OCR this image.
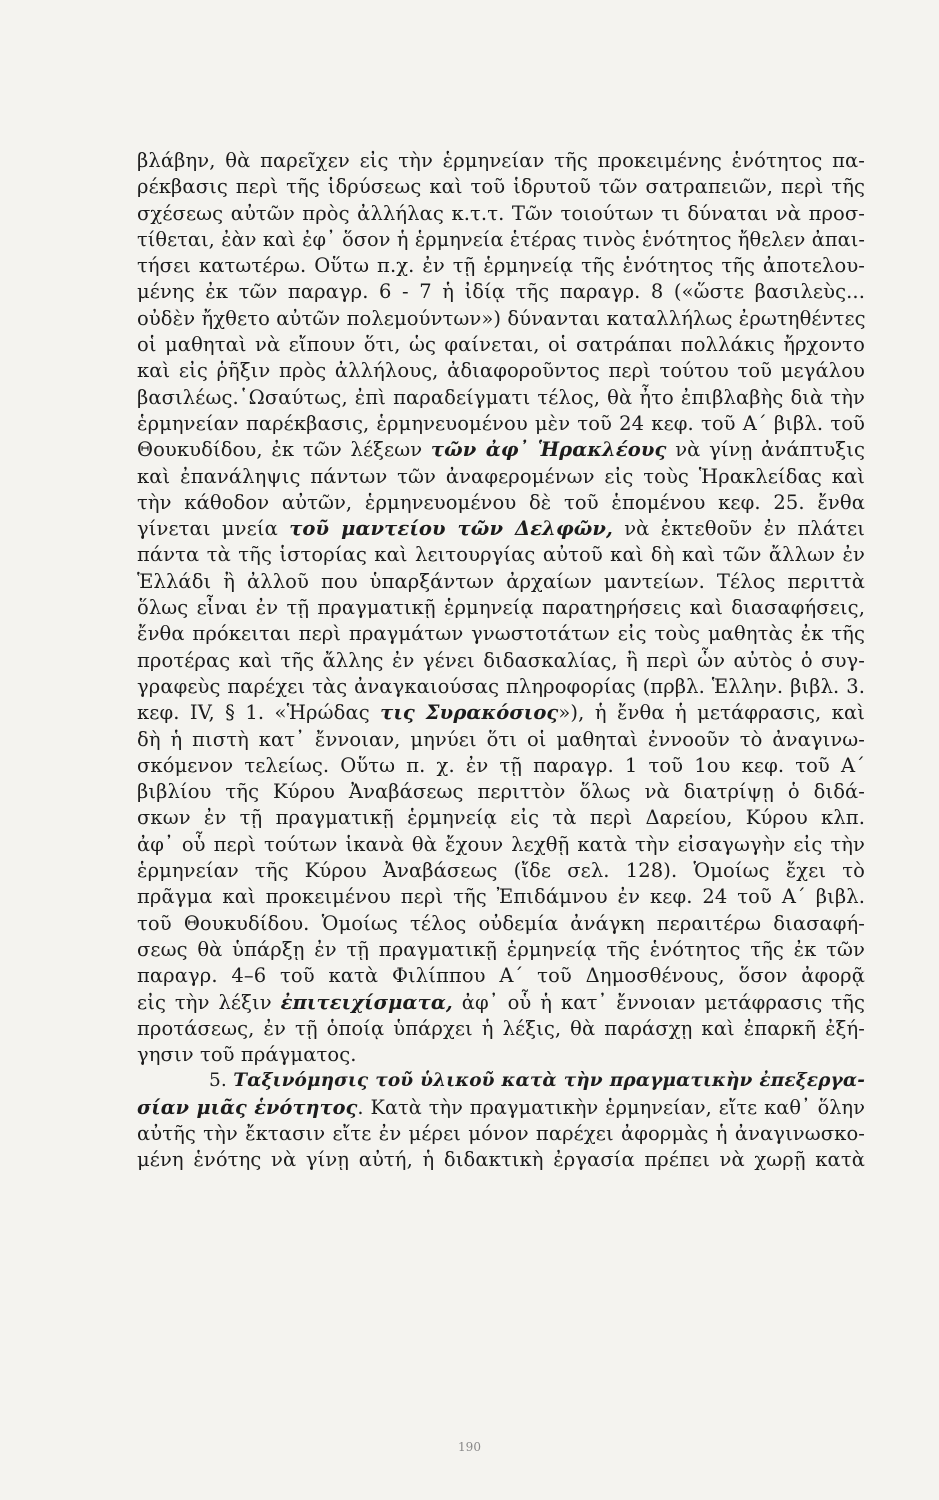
βλάβην, θὰ παρεῖχεν εἰς τὴν ἑρμηνείαν τῆς προκειμένης ἑνότητος πα-
ρέκβασις περὶ τῆς ἱδρύσεως καὶ τοῦ ἱδρυτοῦ τῶν σατραπειῶν, περὶ τῆς
σχέσεως αὐτῶν πρὸς ἀλλήλας κ.τ.τ. Τῶν τοιούτων τι δύναται νὰ προσ-
τίθεται, ἐὰν καὶ ἐφ᾽ ὅσον ἡ ἑρμηνεία ἑτέρας τινὸς ἑνότητος ἤθελεν ἀπαι-
τήσει κατωτέρω. Οὕτω π.χ. ἐν τῇ ἑρμηνείᾳ τῆς ἑνότητος τῆς ἀποτελου-
μένης ἐκ τῶν παραγρ. 6 - 7 ἡ ἰδίᾳ τῆς παραγρ. 8 («ὥστε βασιλεὺς...
οὐδὲν ἤχθετο αὐτῶν πολεμούντων») δύνανται καταλλήλως ἐρωτηθέντες
οἱ μαθηταὶ νὰ εἴπουν ὅτι, ὡς φαίνεται, οἱ σατράπαι πολλάκις ἤρχοντο
καὶ εἰς ῥῆξιν πρὸς ἀλλήλους, ἀδιαφοροῦντος περὶ τούτου τοῦ μεγάλου
βασιλέως.῾Ωσαύτως, ἐπὶ παραδείγματι τέλος, θὰ ἦτο ἐπιβλαβὴς διὰ τὴν
ἑρμηνείαν παρέκβασις, ἑρμηνευομένου μὲν τοῦ 24 κεφ. τοῦ Α΄ βιβλ. τοῦ
Θουκυδίδου, ἐκ τῶν λέξεων τῶν ἀφ᾽ Ἡρακλέους νὰ γίνῃ ἀνάπτυξις
καὶ ἐπανάληψις πάντων τῶν ἀναφερομένων εἰς τοὺς Ἡρακλείδας καὶ
τὴν κάθοδον αὐτῶν, ἑρμηνευομένου δὲ τοῦ ἑπομένου κεφ. 25. ἔνθα
γίνεται μνεία τοῦ μαντείου τῶν Δελφῶν, νὰ ἐκτεθοῦν ἐν πλάτει
πάντα τὰ τῆς ἱστορίας καὶ λειτουργίας αὐτοῦ καὶ δὴ καὶ τῶν ἄλλων ἐν
Ἑλλάδι ἢ ἀλλοῦ που ὑπαρξάντων ἀρχαίων μαντείων. Τέλος περιττὰ
ὅλως εἶναι ἐν τῇ πραγματικῇ ἑρμηνείᾳ παρατηρήσεις καὶ διασαφήσεις,
ἔνθα πρόκειται περὶ πραγμάτων γνωστοτάτων εἰς τοὺς μαθητὰς ἐκ τῆς
προτέρας καὶ τῆς ἄλλης ἐν γένει διδασκαλίας, ἢ περὶ ὧν αὐτὸς ὁ συγ-
γραφεὺς παρέχει τὰς ἀναγκαιούσας πληροφορίας (πρβλ. Ἑλλην. βιβλ. 3.
κεφ. IV, § 1. «Ἡρώδας τις Συρακόσιος»), ἡ ἔνθα ἡ μετάφρασις, καὶ
δὴ ἡ πιστὴ κατ᾽ ἔννοιαν, μηνύει ὅτι οἱ μαθηταὶ ἐννοοῦν τὸ ἀναγινω-
σκόμενον τελείως. Οὕτω π. χ. ἐν τῇ παραγρ. 1 τοῦ 1ου κεφ. τοῦ Α΄
βιβλίου τῆς Κύρου Ἀναβάσεως περιττὸν ὅλως νὰ διατρίψῃ ὁ διδά-
σκων ἐν τῇ πραγματικῇ ἑρμηνείᾳ εἰς τὰ περὶ Δαρείου, Κύρου κλπ.
ἀφ᾽ οὗ περὶ τούτων ἱκανὰ θὰ ἔχουν λεχθῇ κατὰ τὴν εἰσαγωγὴν εἰς τὴν
ἑρμηνείαν τῆς Κύρου Ἀναβάσεως (ἴδε σελ. 128). Ὁμοίως ἔχει τὸ
πρᾶγμα καὶ προκειμένου περὶ τῆς Ἐπιδάμνου ἐν κεφ. 24 τοῦ Α΄ βιβλ.
τοῦ Θουκυδίδου. Ὁμοίως τέλος οὐδεμία ἀνάγκη περαιτέρω διασαφή-
σεως θὰ ὑπάρξῃ ἐν τῇ πραγματικῇ ἑρμηνείᾳ τῆς ἑνότητος τῆς ἐκ τῶν
παραγρ. 4–6 τοῦ κατὰ Φιλίππου Α΄ τοῦ Δημοσθένους, ὅσον ἀφορᾷ
εἰς τὴν λέξιν ἐπιτειχίσματα, ἀφ᾽ οὗ ἡ κατ᾽ ἔννοιαν μετάφρασις τῆς
προτάσεως, ἐν τῇ ὁποίᾳ ὑπάρχει ἡ λέξις, θὰ παράσχῃ καὶ ἐπαρκῆ ἐξή-
γησιν τοῦ πράγματος.
5. Ταξινόμησις τοῦ ὑλικοῦ κατὰ τὴν πραγματικὴν ἐπεξεργα-
σίαν μιᾶς ἑνότητος. Κατὰ τὴν πραγματικὴν ἑρμηνείαν, εἴτε καθ᾽ ὅλην
αὐτῆς τὴν ἔκτασιν εἴτε ἐν μέρει μόνον παρέχει ἀφορμὰς ἡ ἀναγινωσκο-
μένη ἑνότης νὰ γίνῃ αὐτή, ἡ διδακτικὴ ἐργασία πρέπει νὰ χωρῇ κατὰ
190
